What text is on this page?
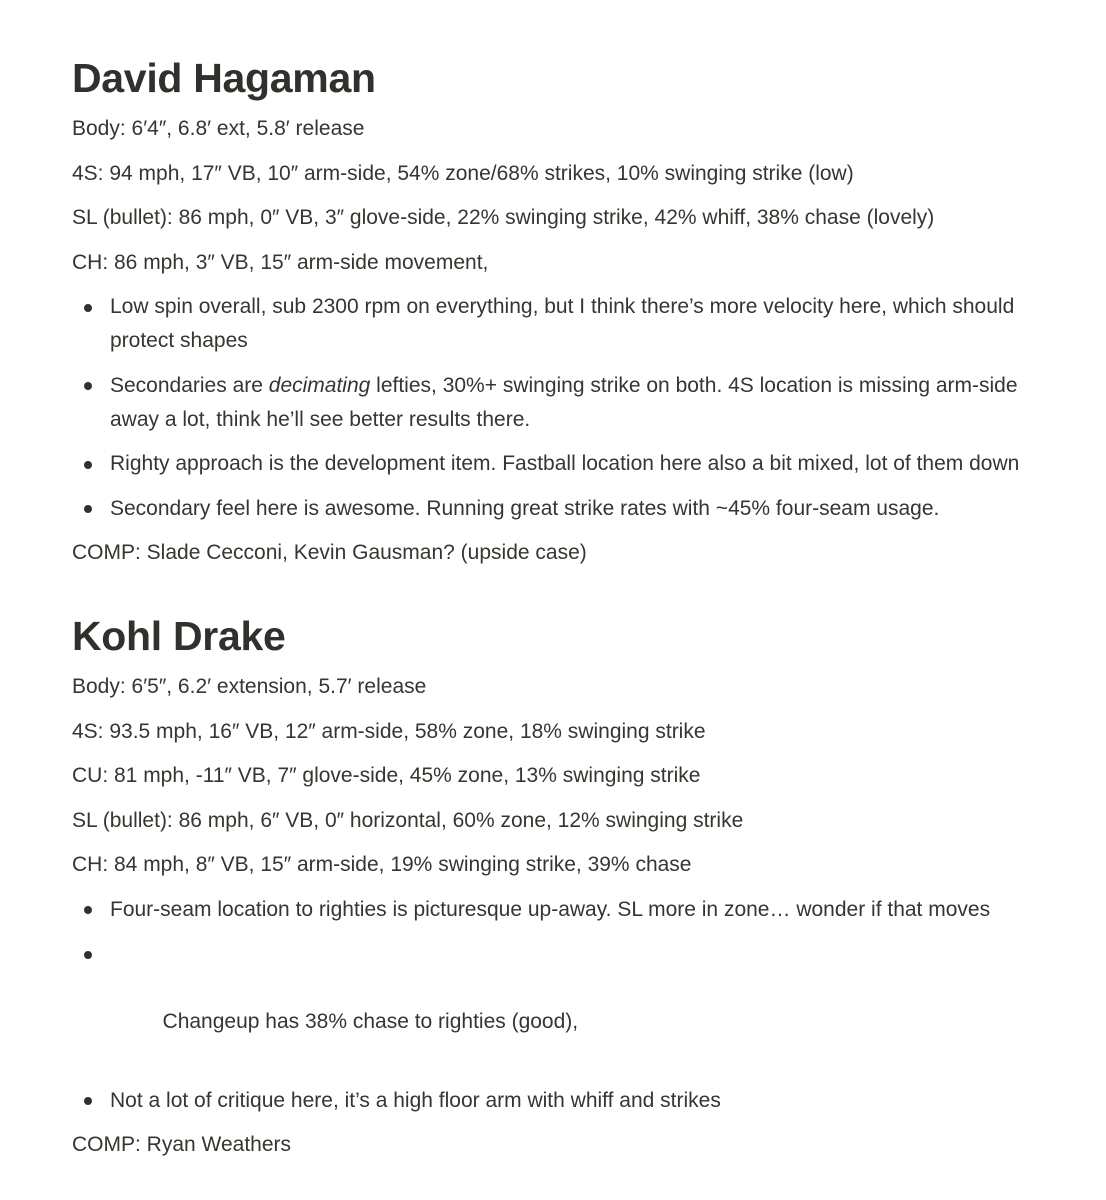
David Hagaman

Body: 6′4″, 6.8′ ext, 5.8′ release

4S: 94 mph, 17″ VB, 10″ arm-side, 54% zone/68% strikes, 10% swinging strike (low)

SL (bullet): 86 mph, 0″ VB, 3″ glove-side, 22% swinging strike, 42% whiff, 38% chase (lovely)

CH: 86 mph, 3″ VB, 15″ arm-side movement,

Low spin overall, sub 2300 rpm on everything, but I think there’s more velocity here, which should protect shapes
Secondaries are decimating lefties, 30%+ swinging strike on both. 4S location is missing arm-side away a lot, think he’ll see better results there.
Righty approach is the development item. Fastball location here also a bit mixed, lot of them down
Secondary feel here is awesome. Running great strike rates with ~45% four-seam usage.

COMP: Slade Cecconi, Kevin Gausman? (upside case)

Kohl Drake

Body: 6′5″, 6.2′ extension, 5.7′ release

4S: 93.5 mph, 16″ VB, 12″ arm-side, 58% zone, 18% swinging strike

CU: 81 mph, -11″ VB, 7″ glove-side, 45% zone, 13% swinging strike

SL (bullet): 86 mph, 6″ VB, 0″ horizontal, 60% zone, 12% swinging strike

CH: 84 mph, 8″ VB, 15″ arm-side, 19% swinging strike, 39% chase

Four-seam location to righties is picturesque up-away. SL more in zone… wonder if that moves

Changeup has 38% chase to righties (good),

Not a lot of critique here, it’s a high floor arm with whiff and strikes

COMP: Ryan Weathers
